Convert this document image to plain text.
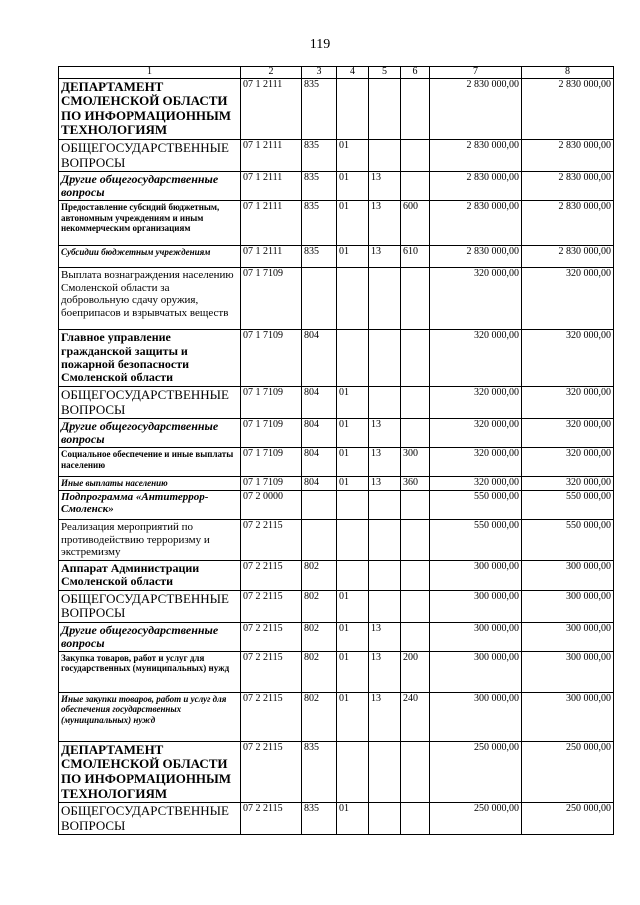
119
1	2	3	4	5	6	7	8
ДЕПАРТАМЕНТ СМОЛЕНСКОЙ ОБЛАСТИ ПО ИНФОРМАЦИОННЫМ ТЕХНОЛОГИЯМ	07 1 2111	835				2 830 000,00	2 830 000,00
ОБЩЕГОСУДАРСТВЕННЫЕ ВОПРОСЫ	07 1 2111	835	01			2 830 000,00	2 830 000,00
Другие общегосударственные вопросы	07 1 2111	835	01	13		2 830 000,00	2 830 000,00
Предоставление субсидий бюджетным, автономным учреждениям и иным некоммерческим организациям	07 1 2111	835	01	13	600	2 830 000,00	2 830 000,00
Субсидии бюджетным учреждениям	07 1 2111	835	01	13	610	2 830 000,00	2 830 000,00
Выплата вознаграждения населению Смоленской области за добровольную сдачу оружия, боеприпасов и взрывчатых веществ	07 1 7109					320 000,00	320 000,00
Главное управление гражданской защиты и пожарной безопасности Смоленской области	07 1 7109	804				320 000,00	320 000,00
ОБЩЕГОСУДАРСТВЕННЫЕ ВОПРОСЫ	07 1 7109	804	01			320 000,00	320 000,00
Другие общегосударственные вопросы	07 1 7109	804	01	13		320 000,00	320 000,00
Социальное обеспечение и иные выплаты населению	07 1 7109	804	01	13	300	320 000,00	320 000,00
Иные выплаты населению	07 1 7109	804	01	13	360	320 000,00	320 000,00
Подпрограмма «Антитеррор-Смоленск»	07 2 0000					550 000,00	550 000,00
Реализация мероприятий по противодействию терроризму и экстремизму	07 2 2115					550 000,00	550 000,00
Аппарат Администрации Смоленской области	07 2 2115	802				300 000,00	300 000,00
ОБЩЕГОСУДАРСТВЕННЫЕ ВОПРОСЫ	07 2 2115	802	01			300 000,00	300 000,00
Другие общегосударственные вопросы	07 2 2115	802	01	13		300 000,00	300 000,00
Закупка товаров, работ и услуг для государственных (муниципальных) нужд	07 2 2115	802	01	13	200	300 000,00	300 000,00
Иные закупки товаров, работ и услуг для обеспечения государственных (муниципальных) нужд	07 2 2115	802	01	13	240	300 000,00	300 000,00
ДЕПАРТАМЕНТ СМОЛЕНСКОЙ ОБЛАСТИ ПО ИНФОРМАЦИОННЫМ ТЕХНОЛОГИЯМ	07 2 2115	835				250 000,00	250 000,00
ОБЩЕГОСУДАРСТВЕННЫЕ ВОПРОСЫ	07 2 2115	835	01			250 000,00	250 000,00
